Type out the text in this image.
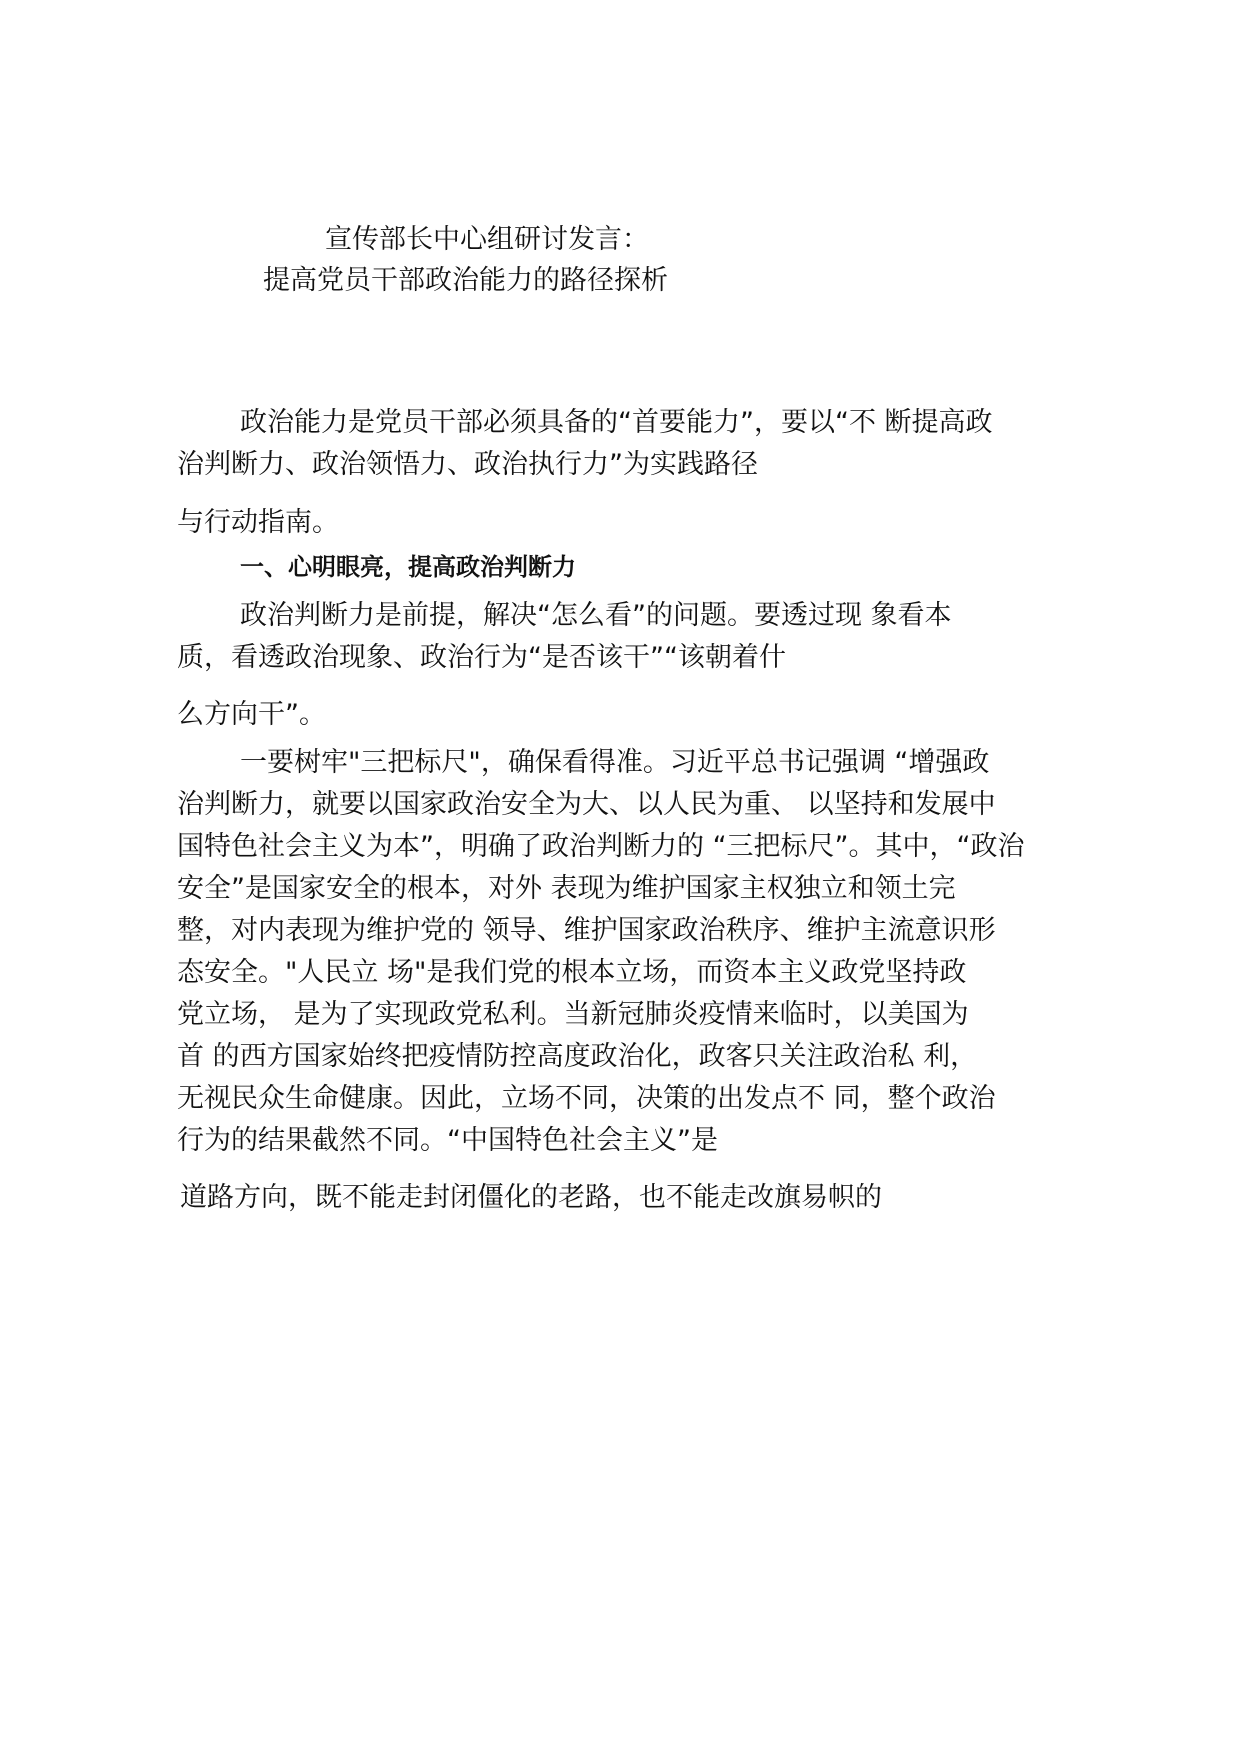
宣传部长中心组研讨发言：
提高党员干部政治能力的路径探析
政治能力是党员干部必须具备的“首要能力”，要以“不 断提高政
治判断力、政治领悟力、政治执行力”为实践路径
与行动指南。
一、心明眼亮，提高政治判断力
政治判断力是前提，解决“怎么看”的问题。要透过现 象看本
质，看透政治现象、政治行为“是否该干”“该朝着什
么方向干”。
一要树牢"三把标尺"，确保看得准。习近平总书记强调 “增强政
治判断力，就要以国家政治安全为大、以人民为重、 以坚持和发展中
国特色社会主义为本”，明确了政治判断力的 “三把标尺”。其中，“政治
安全”是国家安全的根本，对外 表现为维护国家主权独立和领土完
整，对内表现为维护党的 领导、维护国家政治秩序、维护主流意识形
态安全。"人民立 场"是我们党的根本立场，而资本主义政党坚持政
党立场， 是为了实现政党私利。当新冠肺炎疫情来临时，以美国为
首 的西方国家始终把疫情防控高度政治化，政客只关注政治私 利，
无视民众生命健康。因此，立场不同，决策的出发点不 同，整个政治
行为的结果截然不同。“中国特色社会主义”是
道路方向，既不能走封闭僵化的老路，也不能走改旗易帜的
